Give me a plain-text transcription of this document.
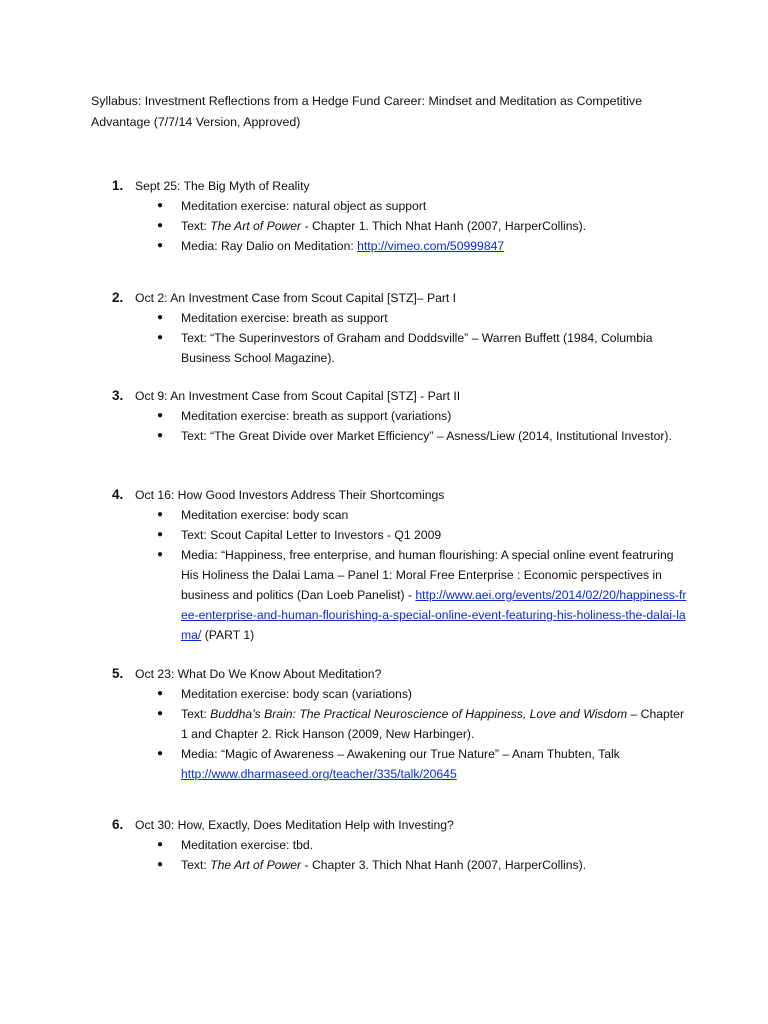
Syllabus: Investment Reflections from a Hedge Fund Career: Mindset and Meditation as Competitive Advantage (7/7/14 Version, Approved)
1. Sept 25: The Big Myth of Reality
● Meditation exercise: natural object as support
● Text: The Art of Power - Chapter 1. Thich Nhat Hanh (2007, HarperCollins).
● Media: Ray Dalio on Meditation: http://vimeo.com/50999847
2. Oct 2: An Investment Case from Scout Capital [STZ]– Part I
● Meditation exercise: breath as support
● Text: “The Superinvestors of Graham and Doddsville” – Warren Buffett (1984, Columbia Business School Magazine).
3. Oct 9: An Investment Case from Scout Capital [STZ] - Part II
● Meditation exercise: breath as support (variations)
● Text: “The Great Divide over Market Efficiency” – Asness/Liew (2014, Institutional Investor).
4. Oct 16: How Good Investors Address Their Shortcomings
● Meditation exercise: body scan
● Text: Scout Capital Letter to Investors - Q1 2009
● Media: “Happiness, free enterprise, and human flourishing: A special online event featruring His Holiness the Dalai Lama – Panel 1: Moral Free Enterprise : Economic perspectives in business and politics (Dan Loeb Panelist) - http://www.aei.org/events/2014/02/20/happiness-free-enterprise-and-human-flourishing-a-special-online-event-featuring-his-holiness-the-dalai-lama/ (PART 1)
5. Oct 23: What Do We Know About Meditation?
● Meditation exercise: body scan (variations)
● Text: Buddha’s Brain: The Practical Neuroscience of Happiness, Love and Wisdom – Chapter 1 and Chapter 2. Rick Hanson (2009, New Harbinger).
● Media: “Magic of Awareness – Awakening our True Nature” – Anam Thubten, Talk http://www.dharmaseed.org/teacher/335/talk/20645
6. Oct 30: How, Exactly, Does Meditation Help with Investing?
● Meditation exercise: tbd.
● Text: The Art of Power - Chapter 3. Thich Nhat Hanh (2007, HarperCollins).
